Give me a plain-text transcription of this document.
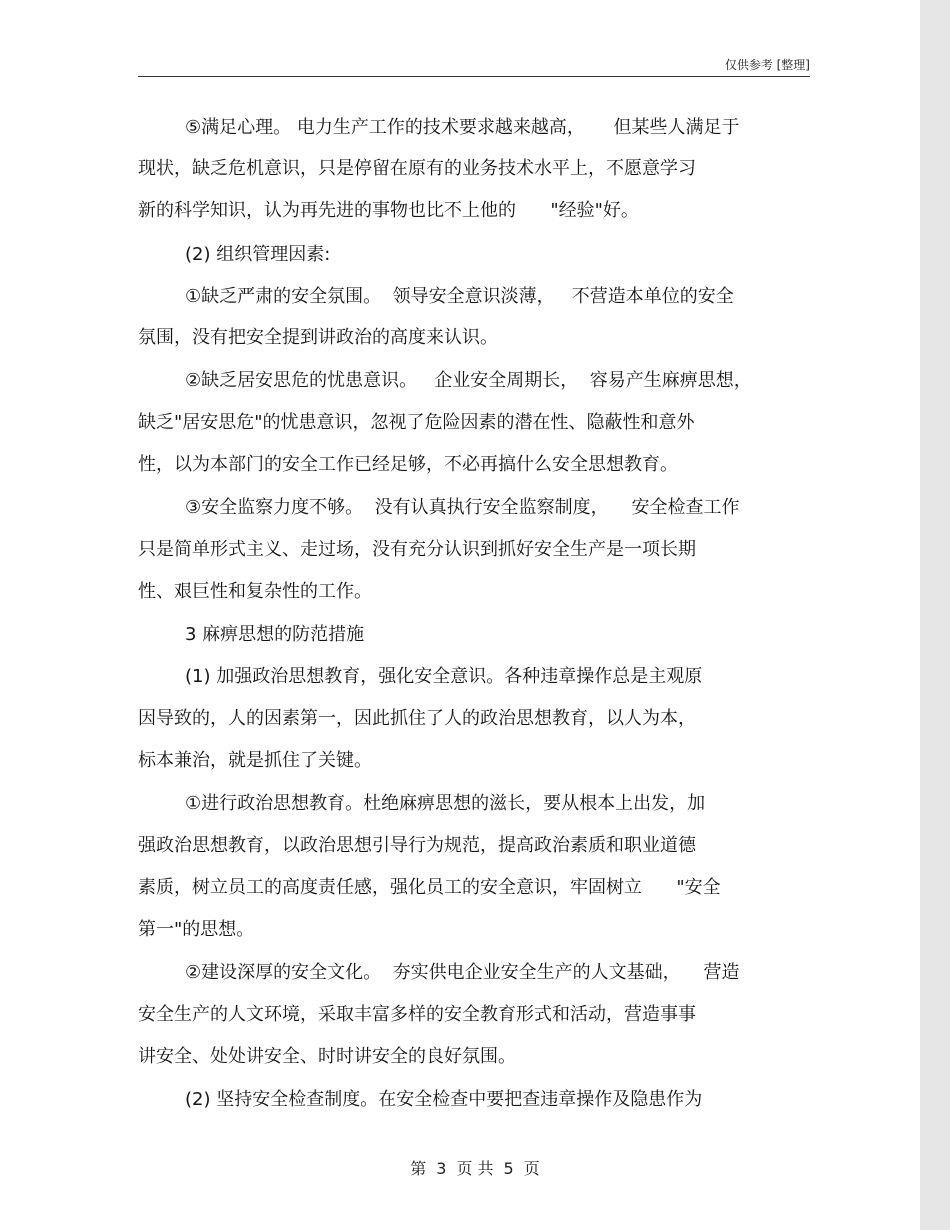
仅供参考 [整理]
⑤满足心理。 电力生产工作的技术要求越来越高，     但某些人满足于
现状，缺乏危机意识，只是停留在原有的业务技术水平上，不愿意学习
新的科学知识，认为再先进的事物也比不上他的      "经验"好。
(2) 组织管理因素:
①缺乏严肃的安全氛围。  领导安全意识淡薄，   不营造本单位的安全
氛围，没有把安全提到讲政治的高度来认识。
②缺乏居安思危的忧患意识。   企业安全周期长，  容易产生麻痹思想，
缺乏"居安思危"的忧患意识，忽视了危险因素的潜在性、隐蔽性和意外
性，以为本部门的安全工作已经足够，不必再搞什么安全思想教育。
③安全监察力度不够。  没有认真执行安全监察制度，    安全检查工作
只是简单形式主义、走过场，没有充分认识到抓好安全生产是一项长期
性、艰巨性和复杂性的工作。
3 麻痹思想的防范措施
(1) 加强政治思想教育，强化安全意识。各种违章操作总是主观原
因导致的，人的因素第一，因此抓住了人的政治思想教育，以人为本，
标本兼治，就是抓住了关键。
①进行政治思想教育。杜绝麻痹思想的滋长，要从根本上出发，加
强政治思想教育，以政治思想引导行为规范，提高政治素质和职业道德
素质，树立员工的高度责任感，强化员工的安全意识，牢固树立      "安全
第一"的思想。
②建设深厚的安全文化。  夯实供电企业安全生产的人文基础，    营造
安全生产的人文环境，采取丰富多样的安全教育形式和活动，营造事事
讲安全、处处讲安全、时时讲安全的良好氛围。
(2) 坚持安全检查制度。在安全检查中要把查违章操作及隐患作为
第 3 页 共 5 页
